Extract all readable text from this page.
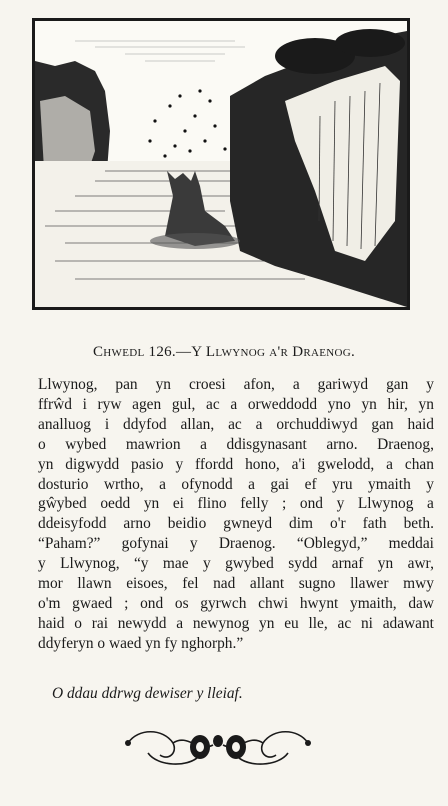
Chwedl 126.—Y Llwynog a'r Draenog.
Llwynog, pan yn croesi afon, a gariwyd gan y
ffrŵd i ryw agen gul, ac a orweddodd yno yn hir, yn
analluog i ddyfod allan, ac a orchuddiwyd gan haid
o wybed mawrion a ddisgynasant arno. Draenog,
yn digwydd pasio y ffordd hono, a'i gwelodd, a chan
dosturio wrtho, a ofynodd a gai ef yru ymaith y
gŵybed oedd yn ei flino felly ; ond y Llwynog a
ddeisyfodd arno beidio gwneyd dim o'r fath beth.
“Paham?” gofynai y Draenog. “Oblegyd,” meddai
y Llwynog, “y mae y gwybed sydd arnaf yn awr,
mor llawn eisoes, fel nad allant sugno llawer mwy
o'm gwaed ; ond os gyrwch chwi hwynt ymaith, daw
haid o rai newydd a newynog yn eu lle, ac ni adawant
ddyferyn o waed yn fy nghorph.”
O ddau ddrwg dewiser y lleiaf.
